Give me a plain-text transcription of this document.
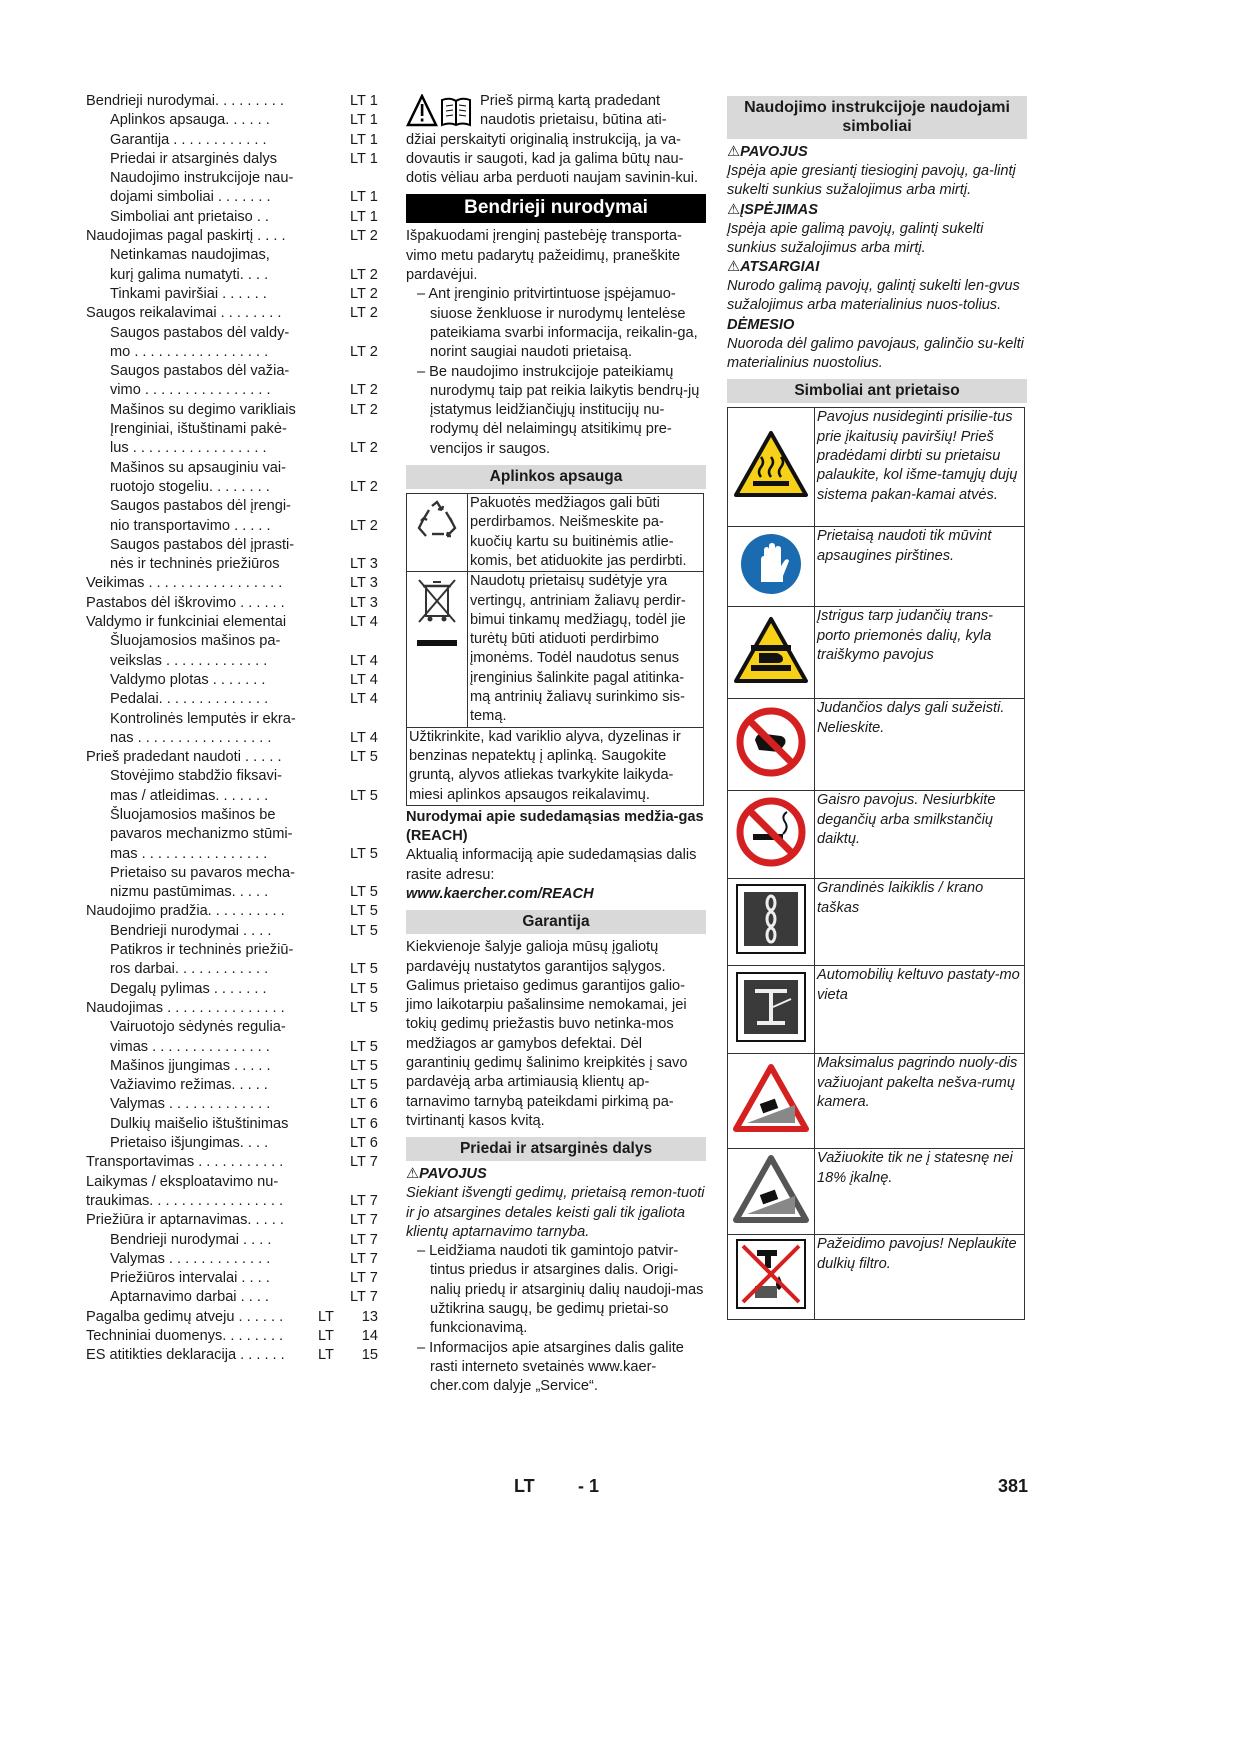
Bendrieji nurodymai. . . . . . . . .	LT 1
Aplinkos apsauga. . . . . .	LT 1
Garantija . . . . . . . . . . . .	LT 1
Priedai ir atsarginės dalys	LT 1
Naudojimo instrukcijoje nau-
dojami simboliai . . . . . . .	LT 1
Simboliai ant prietaiso . .	LT 1
Naudojimas pagal paskirtį . . . .	LT 2
Netinkamas naudojimas,
kurį galima numatyti. . . .	LT 2
Tinkami paviršiai . . . . . .	LT 2
Saugos reikalavimai . . . . . . . .	LT 2
Saugos pastabos dėl valdy-
mo . . . . . . . . . . . . . . . . .	LT 2
Saugos pastabos dėl važia-
vimo . . . . . . . . . . . . . . . .	LT 2
Mašinos su degimo varikliais	LT 2
Įrenginiai, ištuštinami pakė-
lus . . . . . . . . . . . . . . . . .	LT 2
Mašinos su apsauginiu vai-
ruotojo stogeliu. . . . . . . .	LT 2
Saugos pastabos dėl įrengi-
nio transportavimo . . . . .	LT 2
Saugos pastabos dėl įprasti-
nės ir techninės priežiūros	LT 3
Veikimas . . . . . . . . . . . . . . . . .	LT 3
Pastabos dėl iškrovimo . . . . . .	LT 3
Valdymo ir funkciniai elementai	LT 4
Šluojamosios mašinos pa-
veikslas . . . . . . . . . . . . .	LT 4
Valdymo plotas . . . . . . .	LT 4
Pedalai. . . . . . . . . . . . . .	LT 4
Kontrolinės lemputės ir ekra-
nas . . . . . . . . . . . . . . . . .	LT 4
Prieš pradedant naudoti . . . . .	LT 5
Stovėjimo stabdžio fiksavi-
mas / atleidimas. . . . . . .	LT 5
Šluojamosios mašinos be
pavaros mechanizmo stūmi-
mas . . . . . . . . . . . . . . . .	LT 5
Prietaiso su pavaros mecha-
nizmu pastūmimas. . . . .	LT 5
Naudojimo pradžia. . . . . . . . . .	LT 5
Bendrieji nurodymai . . . .	LT 5
Patikros ir techninės priežiū-
ros darbai. . . . . . . . . . . .	LT 5
Degalų pylimas . . . . . . .	LT 5
Naudojimas . . . . . . . . . . . . . . .	LT 5
Vairuotojo sėdynės regulia-
vimas . . . . . . . . . . . . . . .	LT 5
Mašinos įjungimas . . . . .	LT 5
Važiavimo režimas. . . . .	LT 5
Valymas . . . . . . . . . . . . .	LT 6
Dulkių maišelio ištuštinimas	LT 6
Prietaiso išjungimas. . . .	LT 6
Transportavimas . . . . . . . . . . .	LT 7
Laikymas / eksploatavimo nu-
traukimas. . . . . . . . . . . . . . . . .	LT 7
Priežiūra ir aptarnavimas. . . . .	LT 7
Bendrieji nurodymai . . . .	LT 7
Valymas . . . . . . . . . . . . .	LT 7
Priežiūros intervalai . . . .	LT 7
Aptarnavimo darbai . . . .	LT 7
Pagalba gedimų atveju . . . . . .	LT 13
Techniniai duomenys. . . . . . . .	LT 14
ES atitikties deklaracija . . . . . .	LT 15

Prieš pirmą kartą pradedant

naudotis prietaisu, būtina ati-

džiai perskaityti originalią instrukciją, ja va-dovautis ir saugoti, kad ja galima būtų nau-dotis vėliau arba perduoti naujam savinin-kui.

Bendrieji nurodymai

Išpakuodami įrenginį pastebėję transporta-vimo metu padarytų pažeidimų, praneškite pardavėjui.

– Ant įrenginio pritvirtintuose įspėjamuo-siuose ženkluose ir nurodymų lentelėse pateikiama svarbi informacija, reikalin-ga, norint saugiai naudoti prietaisą.
– Be naudojimo instrukcijoje pateikiamų nurodymų taip pat reikia laikytis bendrų-jų įstatymus leidžiančiųjų institucijų nu-rodymų dėl nelaimingų atsitikimų pre-vencijos ir saugos.
Aplinkos apsauga
	Pakuotės medžiagos gali būti perdirbamos. Neišmeskite pa-kuočių kartu su buitinėmis atlie-komis, bet atiduokite jas perdirbti.
	Naudotų prietaisų sudėtyje yra vertingų, antriniam žaliavų perdir-bimui tinkamų medžiagų, todėl jie turėtų būti atiduoti perdirbimo įmonėms. Todėl naudotus senus įrenginius šalinkite pagal atitinka-mą antrinių žaliavų surinkimo sis-temą.
Užtikrinkite, kad variklio alyva, dyzelinas ir benzinas nepatektų į aplinką. Saugokite gruntą, alyvos atliekas tvarkykite laikyda-miesi aplinkos apsaugos reikalavimų.	

Nurodymai apie sudedamąsias medžia-gas (REACH)

Aktualią informaciją apie sudedamąsias dalis rasite adresu:

www.kaercher.com/REACH

Garantija

Kiekvienoje šalyje galioja mūsų įgaliotų pardavėjų nustatytos garantijos sąlygos. Galimus prietaiso gedimus garantijos galio-jimo laikotarpiu pašalinsime nemokamai, jei tokių gedimų priežastis buvo netinka-mos medžiagos ar gamybos defektai. Dėl garantinių gedimų šalinimo kreipkitės į savo pardavėją arba artimiausią klientų ap-tarnavimo tarnybą pateikdami pirkimą pa-tvirtinantį kasos kvitą.

Priedai ir atsarginės dalys
⚠PAVOJUS

Siekiant išvengti gedimų, prietaisą remon-tuoti ir jo atsargines detales keisti gali tik įgaliota klientų aptarnavimo tarnyba.

– Leidžiama naudoti tik gamintojo patvir-tintus priedus ir atsargines dalis. Origi-nalių priedų ir atsarginių dalių naudoji-mas užtikrina saugų, be gedimų prietai-so funkcionavimą.
– Informacijos apie atsargines dalis galite rasti interneto svetainės www.kaer-cher.com dalyje „Service“.
Naudojimo instrukcijoje naudojami simboliai
⚠PAVOJUS

Įspėja apie gresiantį tiesioginį pavojų, ga-lintį sukelti sunkius sužalojimus arba mirtį.

⚠ĮSPĖJIMAS

Įspėja apie galimą pavojų, galintį sukelti sunkius sužalojimus arba mirtį.

⚠ATSARGIAI

Nurodo galimą pavojų, galintį sukelti len-gvus sužalojimus arba materialinius nuos-tolius.

DĖMESIO

Nuoroda dėl galimo pavojaus, galinčio su-kelti materialinius nuostolius.

Simboliai ant prietaiso
	Pavojus nusideginti prisilie-tus prie įkaitusių paviršių! Prieš pradėdami dirbti su prietaisu palaukite, kol išme-tamųjų dujų sistema pakan-kamai atvės.
	Prietaisą naudoti tik mūvint apsaugines pirštines.
	Įstrigus tarp judančių trans-porto priemonės dalių, kyla traiškymo pavojus
	Judančios dalys gali sužeisti. Nelieskite.
	Gaisro pavojus. Nesiurbkite degančių arba smilkstančių daiktų.
	Grandinės laikiklis / krano taškas
	Automobilių keltuvo pastaty-mo vieta
	Maksimalus pagrindo nuoly-dis važiuojant pakelta nešva-rumų kamera.
	Važiuokite tik ne į statesnę nei 18% įkalnę.
	Pažeidimo pavojus! Neplaukite dulkių filtro.
LT - 1	381
